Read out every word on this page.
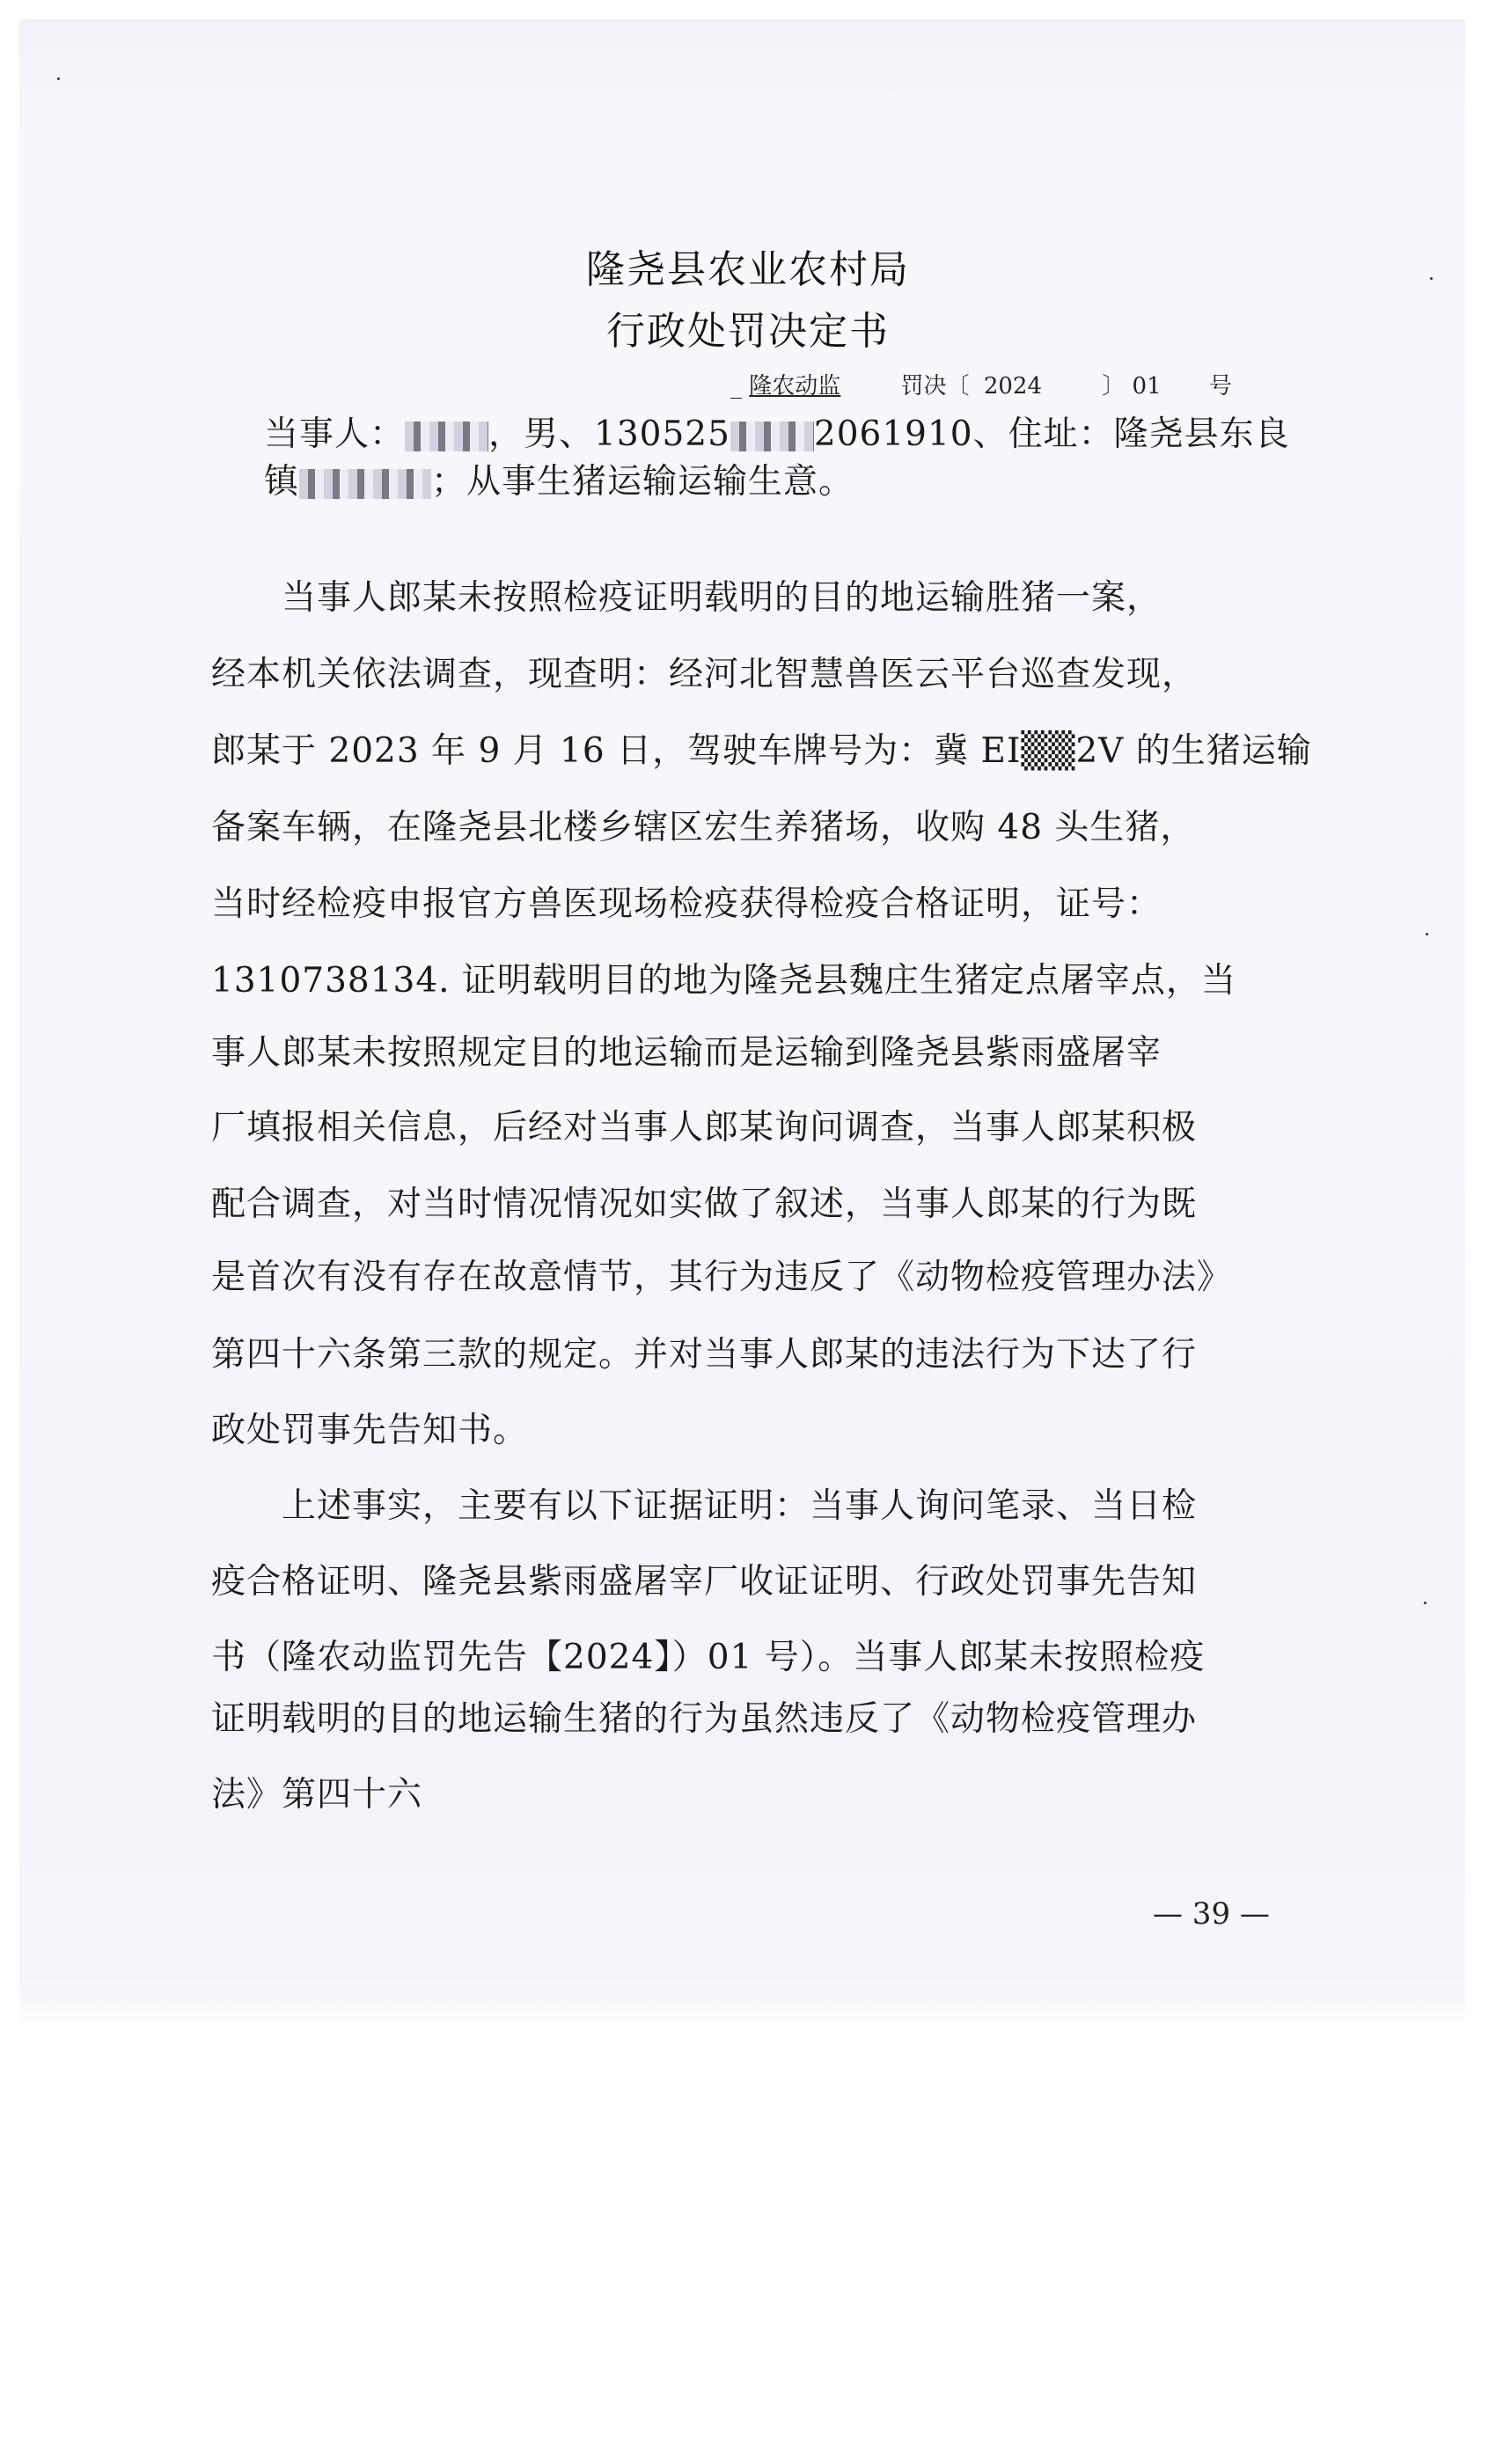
隆尧县农业农村局
行政处罚决定书
_ 隆农动监	罚决〔 2024	〕 01 号
当事人： ，男、130525 2061910、住址：隆尧县东良
镇	；从事生猪运输运输生意。
当事人郎某未按照检疫证明载明的目的地运输胜猪一案，
经本机关依法调查，现查明：经河北智慧兽医云平台巡查发现，
郎某于 2023 年 9 月 16 日，驾驶车牌号为：冀 EI▒▒2V 的生猪运输
备案车辆，在隆尧县北楼乡辖区宏生养猪场，收购 48 头生猪，
当时经检疫申报官方兽医现场检疫获得检疫合格证明，证号：
1310738134. 证明载明目的地为隆尧县魏庄生猪定点屠宰点，当
事人郎某未按照规定目的地运输而是运输到隆尧县紫雨盛屠宰
厂填报相关信息，后经对当事人郎某询问调查，当事人郎某积极
配合调查，对当时情况情况如实做了叙述，当事人郎某的行为既
是首次有没有存在故意情节，其行为违反了《动物检疫管理办法》
第四十六条第三款的规定。并对当事人郎某的违法行为下达了行
政处罚事先告知书。
上述事实，主要有以下证据证明：当事人询问笔录、当日检
疫合格证明、隆尧县紫雨盛屠宰厂收证证明、行政处罚事先告知
书（隆农动监罚先告【2024】）01 号）。当事人郎某未按照检疫
证明载明的目的地运输生猪的行为虽然违反了《动物检疫管理办
法》第四十六
— 39 —
